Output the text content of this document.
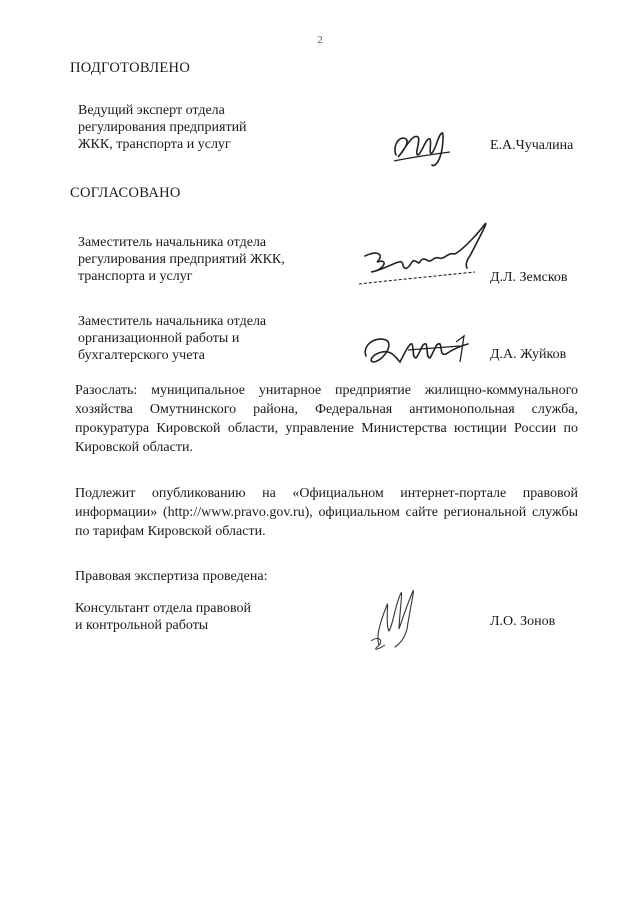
2
ПОДГОТОВЛЕНО
Ведущий эксперт отдела
регулирования предприятий
ЖКК, транспорта и услуг	Е.А.Чучалина
СОГЛАСОВАНО
Заместитель начальника отдела
регулирования предприятий ЖКК,
транспорта и услуг	Д.Л. Земсков
Заместитель начальника отдела
организационной работы и
бухгалтерского учета	Д.А. Жуйков
Разослать: муниципальное унитарное предприятие жилищно-коммунального хозяйства Омутнинского района, Федеральная антимонопольная служба, прокуратура Кировской области, управление Министерства юстиции России по Кировской области.
Подлежит опубликованию на «Официальном интернет-портале правовой информации» (http://www.pravo.gov.ru), официальном сайте региональной службы по тарифам Кировской области.
Правовая экспертиза проведена:
Консультант отдела правовой
и контрольной работы	Л.О. Зонов
